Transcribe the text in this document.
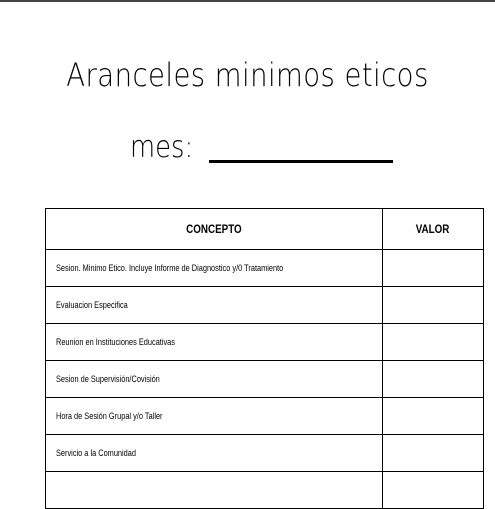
Aranceles minimos eticos
mes:
CONCEPTO	VALOR
Sesion. Minimo Etico. Incluye Informe de Diagnostico y/0 Tratamiento	
Evaluacion Especifica	
Reunion en Instituciones Educativas	
Sesion de Supervisión/Covisión	
Hora de Sesión Grupal y/o Taller	
Servicio a la Comunidad	
